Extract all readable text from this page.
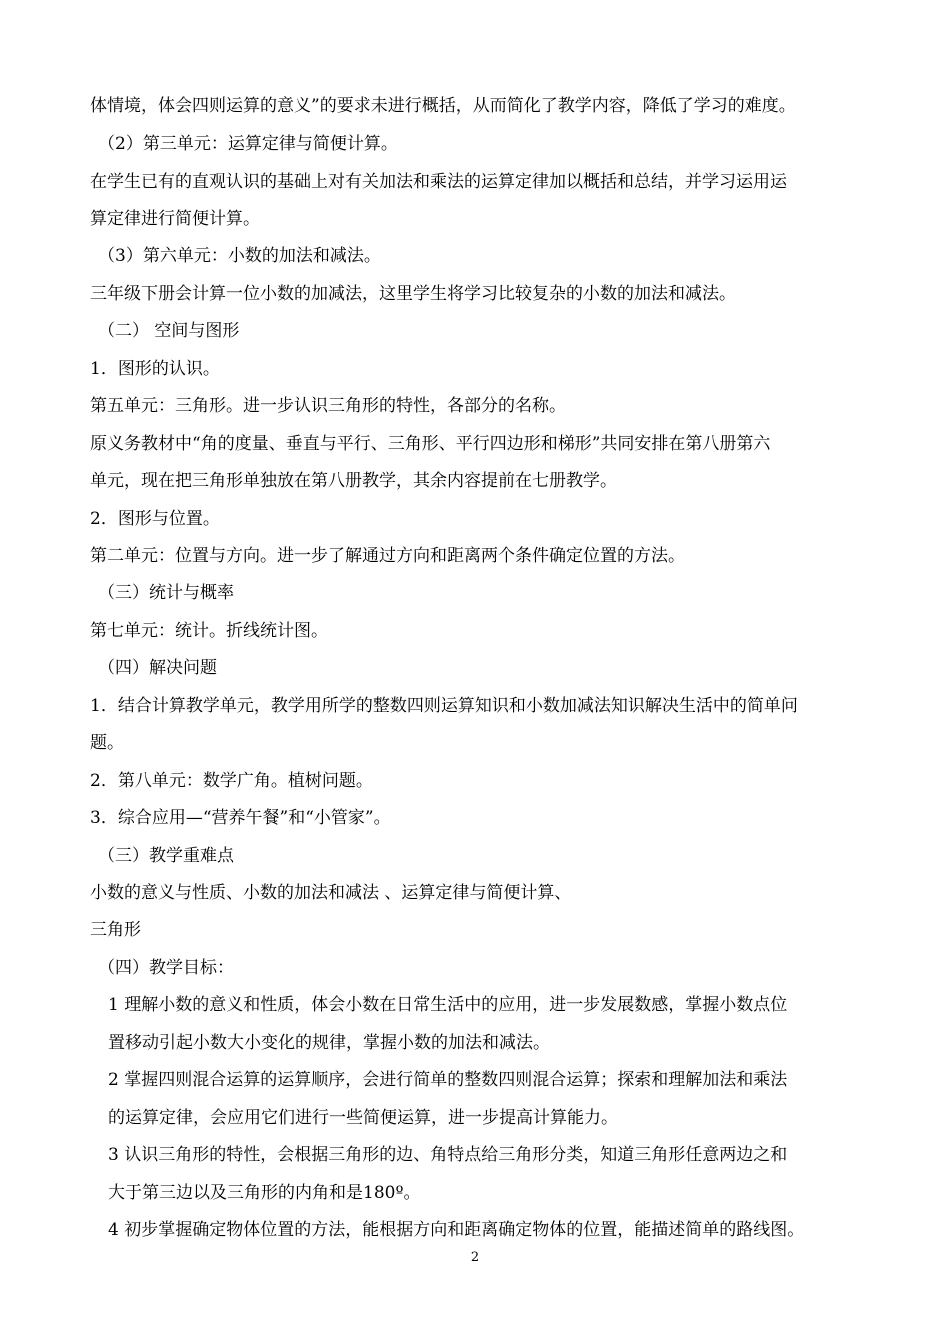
体情境，体会四则运算的意义”的要求未进行概括，从而简化了教学内容，降低了学习的难度。
（2）第三单元：运算定律与简便计算。
在学生已有的直观认识的基础上对有关加法和乘法的运算定律加以概括和总结，并学习运用运
算定律进行简便计算。
（3）第六单元：小数的加法和减法。
三年级下册会计算一位小数的加减法，这里学生将学习比较复杂的小数的加法和减法。
（二） 空间与图形
1．图形的认识。
第五单元：三角形。进一步认识三角形的特性，各部分的名称。
原义务教材中“角的度量、垂直与平行、三角形、平行四边形和梯形”共同安排在第八册第六
单元，现在把三角形单独放在第八册教学，其余内容提前在七册教学。
2．图形与位置。
第二单元：位置与方向。进一步了解通过方向和距离两个条件确定位置的方法。
（三）统计与概率
第七单元：统计。折线统计图。
（四）解决问题
1．结合计算教学单元，教学用所学的整数四则运算知识和小数加减法知识解决生活中的简单问
题。
2．第八单元：数学广角。植树问题。
3．综合应用—“营养午餐”和“小管家”。
（三）教学重难点
小数的意义与性质、小数的加法和减法 、运算定律与简便计算、
三角形
（四）教学目标：
1 理解小数的意义和性质，体会小数在日常生活中的应用，进一步发展数感，掌握小数点位
置移动引起小数大小变化的规律，掌握小数的加法和减法。
2 掌握四则混合运算的运算顺序，会进行简单的整数四则混合运算；探索和理解加法和乘法
的运算定律，会应用它们进行一些简便运算，进一步提高计算能力。
3 认识三角形的特性，会根据三角形的边、角特点给三角形分类，知道三角形任意两边之和
大于第三边以及三角形的内角和是180º。
4 初步掌握确定物体位置的方法，能根据方向和距离确定物体的位置，能描述简单的路线图。
2
